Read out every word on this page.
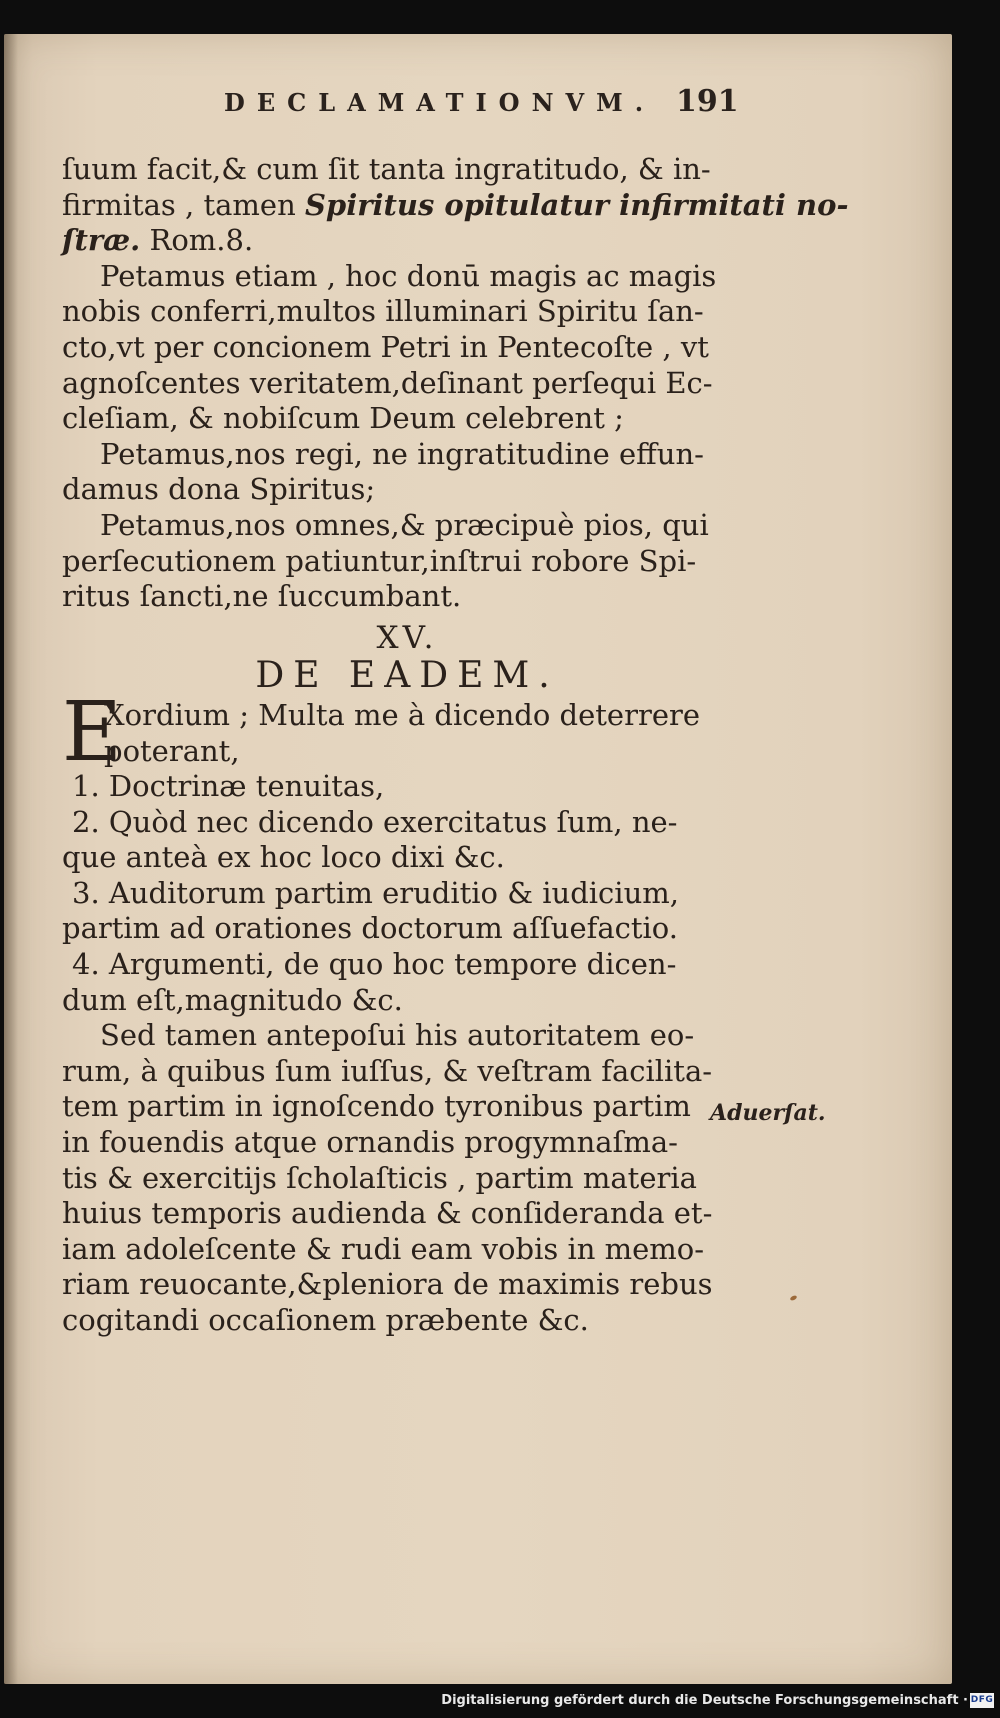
DECLAMATIONVM. 191
ſuum facit,& cum ſit tanta ingratitudo, & in-
firmitas , tamen Spiritus opitulatur infirmitati no-
ſtræ. Rom.8.
Petamus etiam , hoc donū magis ac magis
nobis conferri,multos illuminari Spiritu ſan-
cto,vt per concionem Petri in Pentecoſte , vt
agnoſcentes veritatem,deſinant perſequi Ec-
cleſiam, & nobiſcum Deum celebrent ;
Petamus,nos regi, ne ingratitudine effun-
damus dona Spiritus;
Petamus,nos omnes,& præcipuè pios, qui
perſecutionem patiuntur,inſtrui robore Spi-
ritus ſancti,ne ſuccumbant.
XV.
DE EADEM.
E
Xordium ; Multa me à dicendo deterrere
poterant,
1. Doctrinæ tenuitas,
2. Quòd nec dicendo exercitatus ſum, ne-
que anteà ex hoc loco dixi &c.
3. Auditorum partim eruditio & iudicium,
partim ad orationes doctorum aſſuefactio.
4. Argumenti, de quo hoc tempore dicen-
dum eſt,magnitudo &c.
Sed tamen antepoſui his autoritatem eo-
rum, à quibus ſum iuſſus, & veſtram facilita-
tem partim in ignoſcendo tyronibus partim
in fouendis atque ornandis progymnaſma-
tis & exercitijs ſcholaſticis , partim materia
huius temporis audienda & conſideranda et-
iam adoleſcente & rudi eam vobis in memo-
riam reuocante,&pleniora de maximis rebus
cogitandi occaſionem præbente &c.
Aduerſat.
Digitalisierung gefördert durch die Deutsche Forschungsgemeinschaft · DFG
